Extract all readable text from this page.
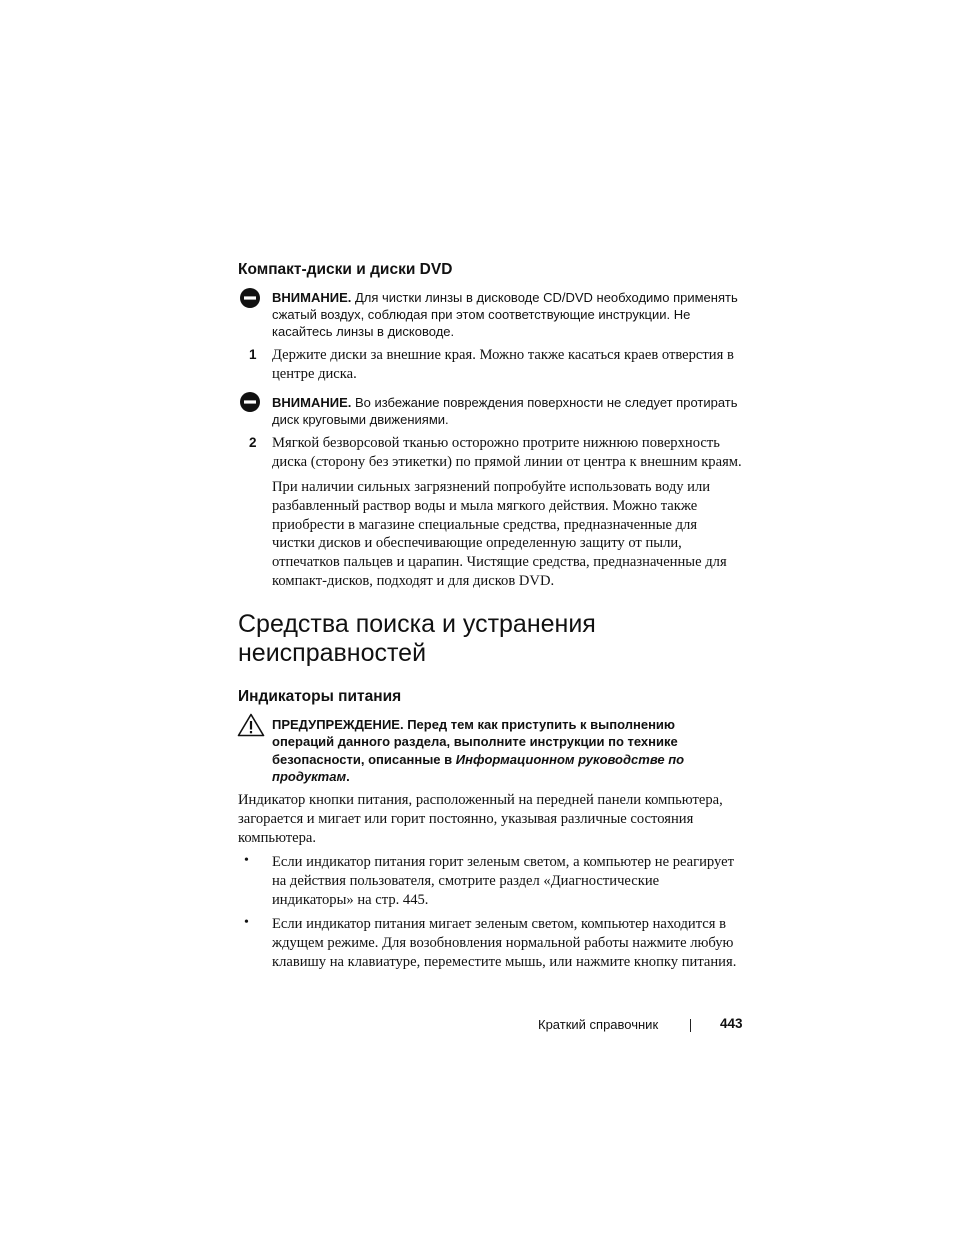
Компакт-диски и диски DVD
ВНИМАНИЕ. Для чистки линзы в дисководе CD/DVD необходимо применять сжатый воздух, соблюдая при этом соответствующие инструкции. Не касайтесь линзы в дисководе.
1 Держите диски за внешние края. Можно также касаться краев отверстия в центре диска.
ВНИМАНИЕ. Во избежание повреждения поверхности не следует протирать диск круговыми движениями.
2 Мягкой безворсовой тканью осторожно протрите нижнюю поверхность диска (сторону без этикетки) по прямой линии от центра к внешним краям.
При наличии сильных загрязнений попробуйте использовать воду или разбавленный раствор воды и мыла мягкого действия. Можно также приобрести в магазине специальные средства, предназначенные для чистки дисков и обеспечивающие определенную защиту от пыли, отпечатков пальцев и царапин. Чистящие средства, предназначенные для компакт-дисков, подходят и для дисков DVD.
Средства поиска и устранения неисправностей
Индикаторы питания
ПРЕДУПРЕЖДЕНИЕ. Перед тем как приступить к выполнению операций данного раздела, выполните инструкции по технике безопасности, описанные в Информационном руководстве по продуктам.
Индикатор кнопки питания, расположенный на передней панели компьютера, загорается и мигает или горит постоянно, указывая различные состояния компьютера.
• Если индикатор питания горит зеленым светом, а компьютер не реагирует на действия пользователя, смотрите раздел «Диагностические индикаторы» на стр. 445.
• Если индикатор питания мигает зеленым светом, компьютер находится в ждущем режиме. Для возобновления нормальной работы нажмите любую клавишу на клавиатуре, переместите мышь, или нажмите кнопку питания.
Краткий справочник	443
